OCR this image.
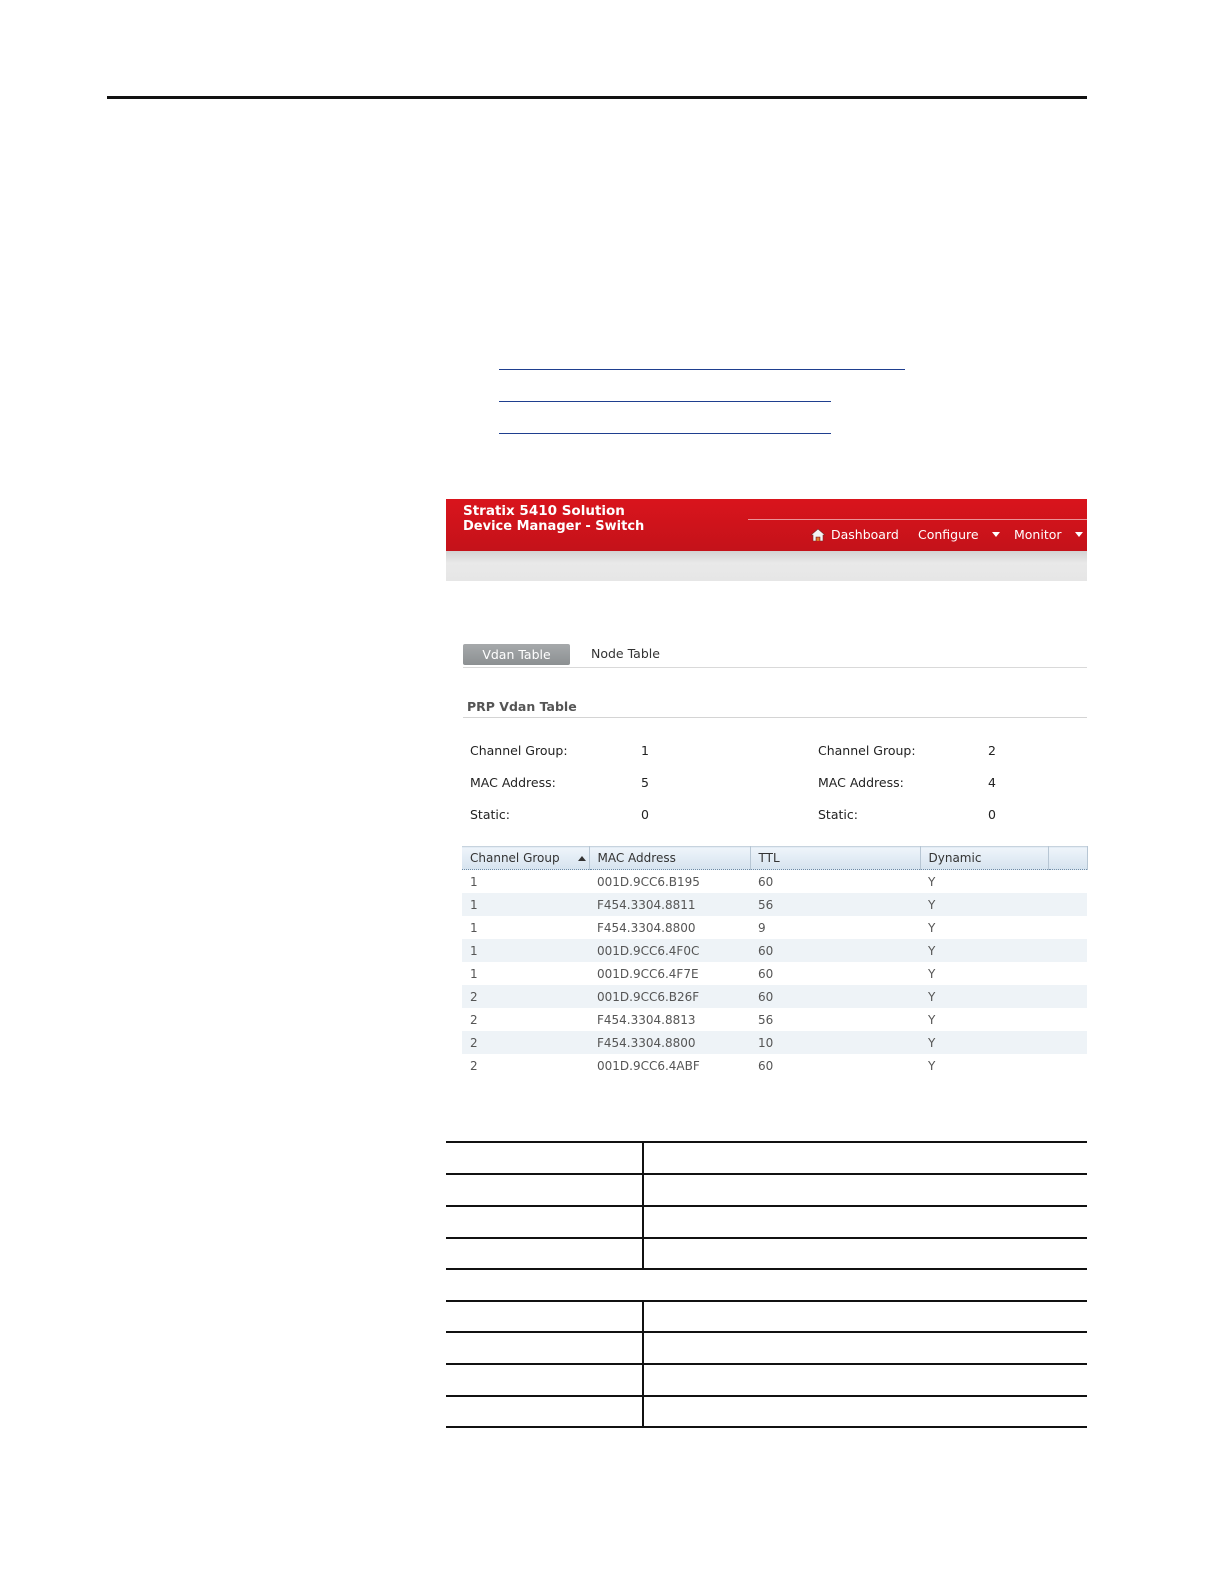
Stratix 5410 Solution
Device Manager - Switch
Dashboard Configure	Monitor
Vdan Table	Node Table
PRP Vdan Table
Channel Group:	1
MAC Address:	5
Static:	0
Channel Group:	2
MAC Address:	4
Static:	0
Channel Group	MAC Address	TTL	Dynamic	
1	001D.9CC6.B195	60	Y	
1	F454.3304.8811	56	Y	
1	F454.3304.8800	9	Y	
1	001D.9CC6.4F0C	60	Y	
1	001D.9CC6.4F7E	60	Y	
2	001D.9CC6.B26F	60	Y	
2	F454.3304.8813	56	Y	
2	F454.3304.8800	10	Y	
2	001D.9CC6.4ABF	60	Y	
